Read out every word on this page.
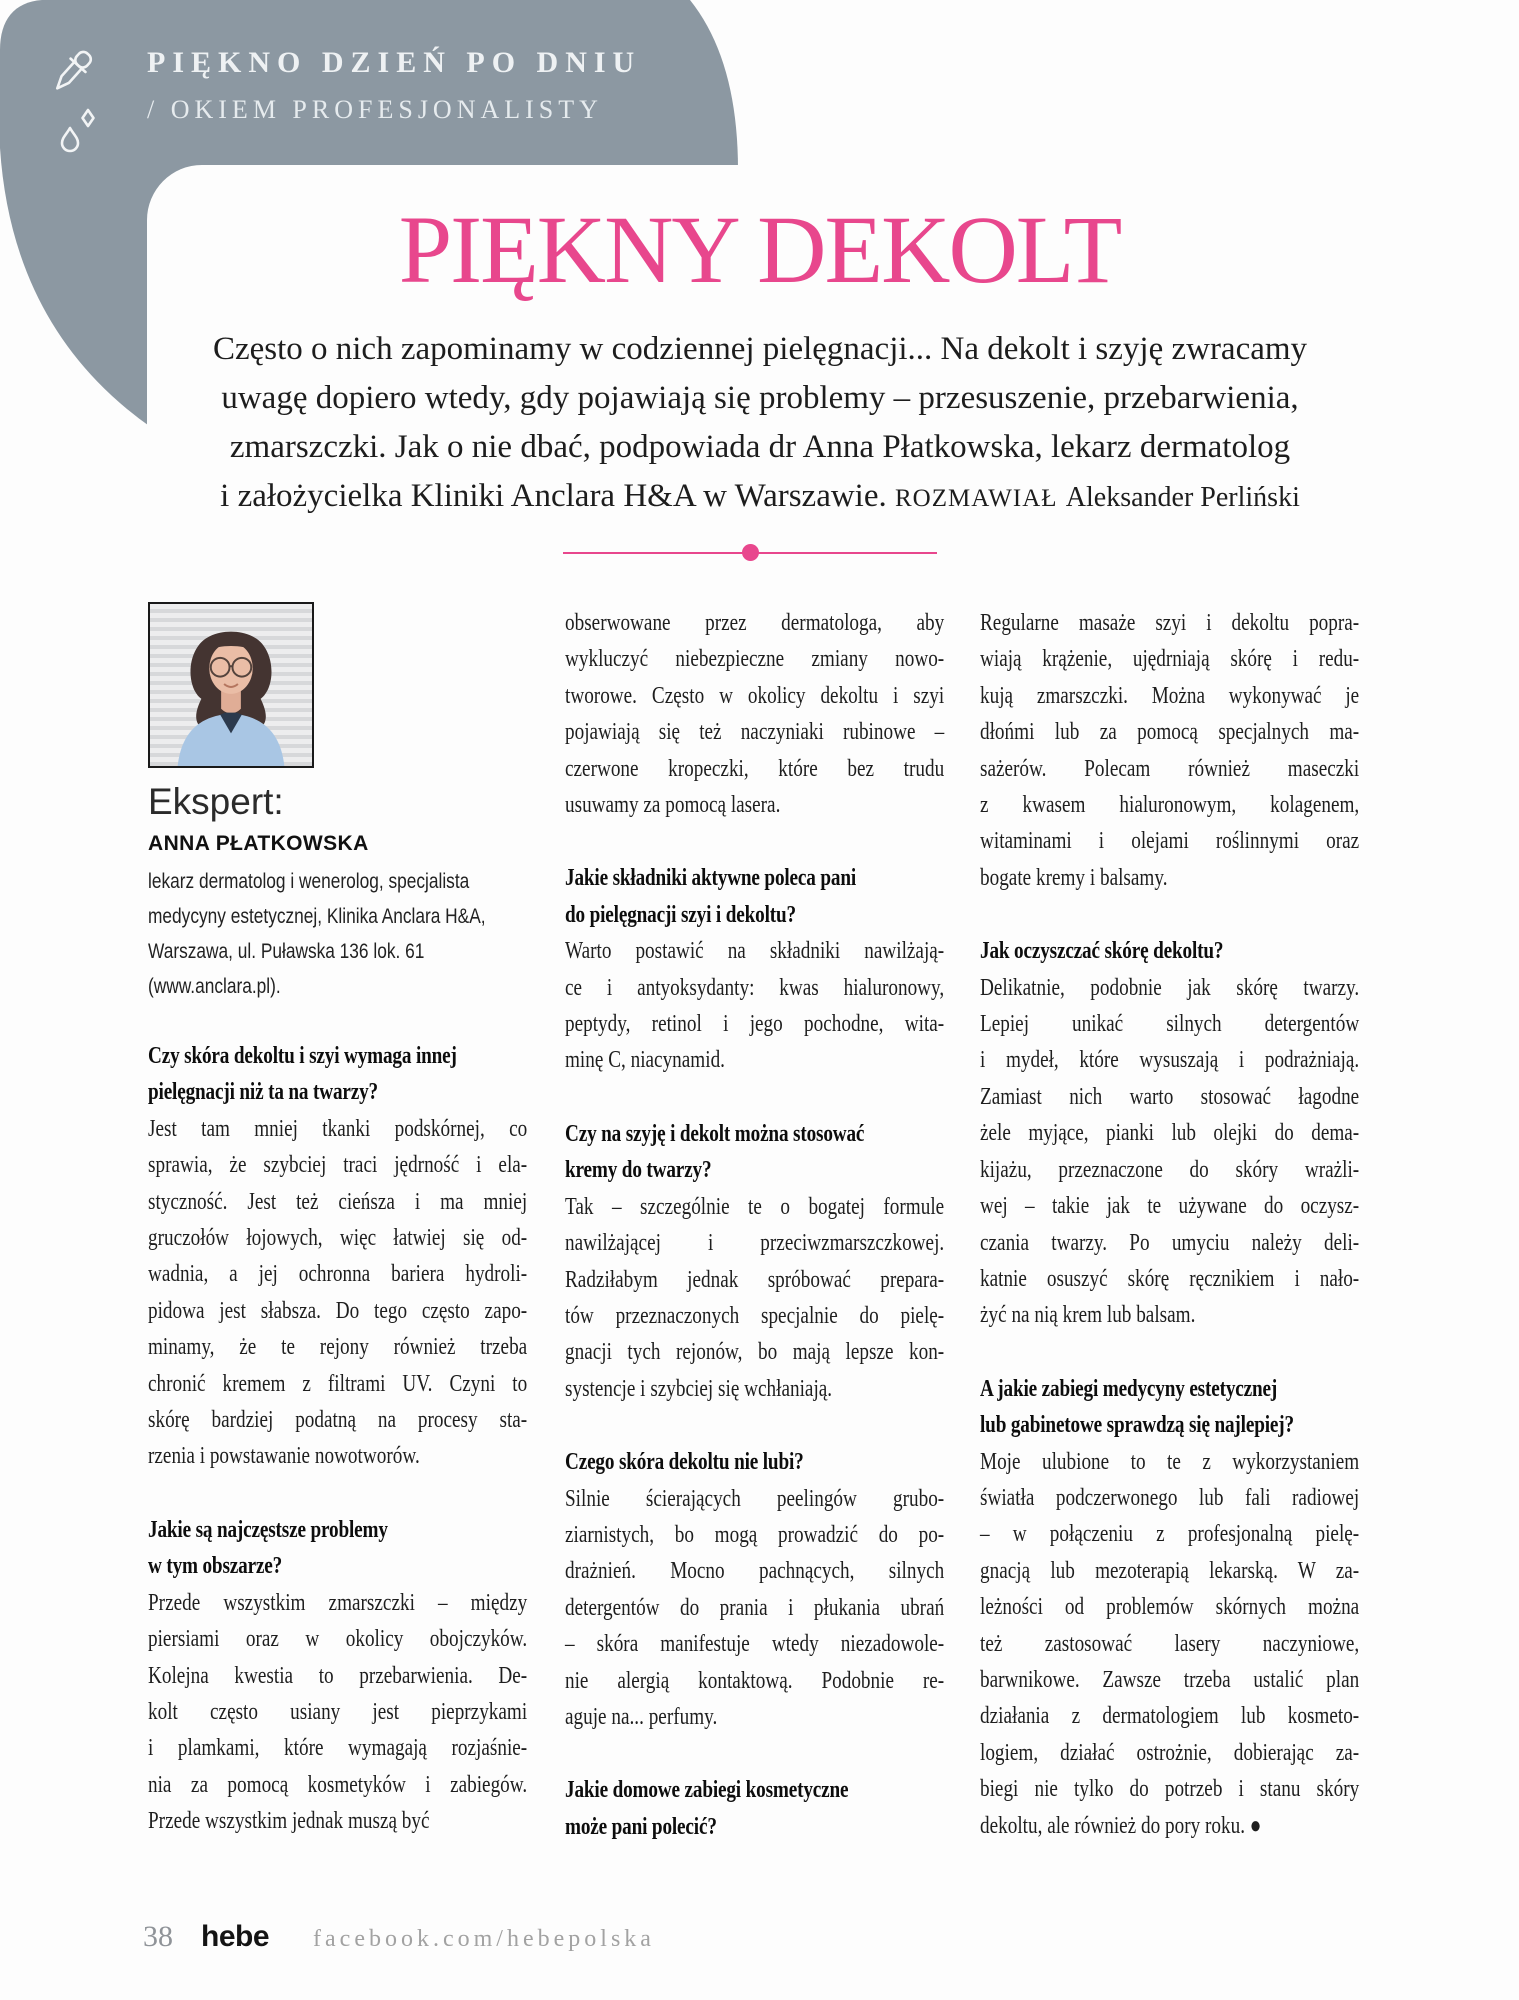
PIĘKNO DZIEŃ PO DNIU
/ OKIEM PROFESJONALISTY
PIĘKNY DEKOLT
Często o nich zapominamy w codziennej pielęgnacji... Na dekolt i szyję zwracamy
uwagę dopiero wtedy, gdy pojawiają się problemy – przesuszenie, przebarwienia,
zmarszczki. Jak o nie dbać, podpowiada dr Anna Płatkowska, lekarz dermatolog
i założycielka Kliniki Anclara H&A w Warszawie. ROZMAWIAŁ Aleksander Perliński
Ekspert:
ANNA PŁATKOWSKA
lekarz dermatolog i wenerolog, specjalista
medycyny estetycznej, Klinika Anclara H&A,
Warszawa, ul. Puławska 136 lok. 61
(www.anclara.pl).
Czy skóra dekoltu i szyi wymaga innej
pielęgnacji niż ta na twarzy?
Jest tam mniej tkanki podskórnej, co
sprawia, że szybciej traci jędrność i ela-
styczność. Jest też cieńsza i ma mniej
gruczołów łojowych, więc łatwiej się od-
wadnia, a jej ochronna bariera hydroli-
pidowa jest słabsza. Do tego często zapo-
minamy, że te rejony również trzeba
chronić kremem z filtrami UV. Czyni to
skórę bardziej podatną na procesy sta-
rzenia i powstawanie nowotworów.
Jakie są najczęstsze problemy
w tym obszarze?
Przede wszystkim zmarszczki – między
piersiami oraz w okolicy obojczyków.
Kolejna kwestia to przebarwienia. De-
kolt często usiany jest pieprzykami
i plamkami, które wymagają rozjaśnie-
nia za pomocą kosmetyków i zabiegów.
Przede wszystkim jednak muszą być
obserwowane przez dermatologa, aby
wykluczyć niebezpieczne zmiany nowo-
tworowe. Często w okolicy dekoltu i szyi
pojawiają się też naczyniaki rubinowe –
czerwone kropeczki, które bez trudu
usuwamy za pomocą lasera.
Jakie składniki aktywne poleca pani
do pielęgnacji szyi i dekoltu?
Warto postawić na składniki nawilżają-
ce i antyoksydanty: kwas hialuronowy,
peptydy, retinol i jego pochodne, wita-
minę C, niacynamid.
Czy na szyję i dekolt można stosować
kremy do twarzy?
Tak – szczególnie te o bogatej formule
nawilżającej i przeciwzmarszczkowej.
Radziłabym jednak spróbować prepara-
tów przeznaczonych specjalnie do pielę-
gnacji tych rejonów, bo mają lepsze kon-
systencje i szybciej się wchłaniają.
Czego skóra dekoltu nie lubi?
Silnie ścierających peelingów grubo-
ziarnistych, bo mogą prowadzić do po-
drażnień. Mocno pachnących, silnych
detergentów do prania i płukania ubrań
– skóra manifestuje wtedy niezadowole-
nie alergią kontaktową. Podobnie re-
aguje na... perfumy.
Jakie domowe zabiegi kosmetyczne
może pani polecić?
Regularne masaże szyi i dekoltu popra-
wiają krążenie, ujędrniają skórę i redu-
kują zmarszczki. Można wykonywać je
dłońmi lub za pomocą specjalnych ma-
sażerów. Polecam również maseczki
z kwasem hialuronowym, kolagenem,
witaminami i olejami roślinnymi oraz
bogate kremy i balsamy.
Jak oczyszczać skórę dekoltu?
Delikatnie, podobnie jak skórę twarzy.
Lepiej unikać silnych detergentów
i mydeł, które wysuszają i podrażniają.
Zamiast nich warto stosować łagodne
żele myjące, pianki lub olejki do dema-
kijażu, przeznaczone do skóry wrażli-
wej – takie jak te używane do oczysz-
czania twarzy. Po umyciu należy deli-
katnie osuszyć skórę ręcznikiem i nało-
żyć na nią krem lub balsam.
A jakie zabiegi medycyny estetycznej
lub gabinetowe sprawdzą się najlepiej?
Moje ulubione to te z wykorzystaniem
światła podczerwonego lub fali radiowej
– w połączeniu z profesjonalną pielę-
gnacją lub mezoterapią lekarską. W za-
leżności od problemów skórnych można
też zastosować lasery naczyniowe,
barwnikowe. Zawsze trzeba ustalić plan
działania z dermatologiem lub kosmeto-
logiem, działać ostrożnie, dobierając za-
biegi nie tylko do potrzeb i stanu skóry
dekoltu, ale również do pory roku. ●
38 hebe facebook.com/hebepolska
